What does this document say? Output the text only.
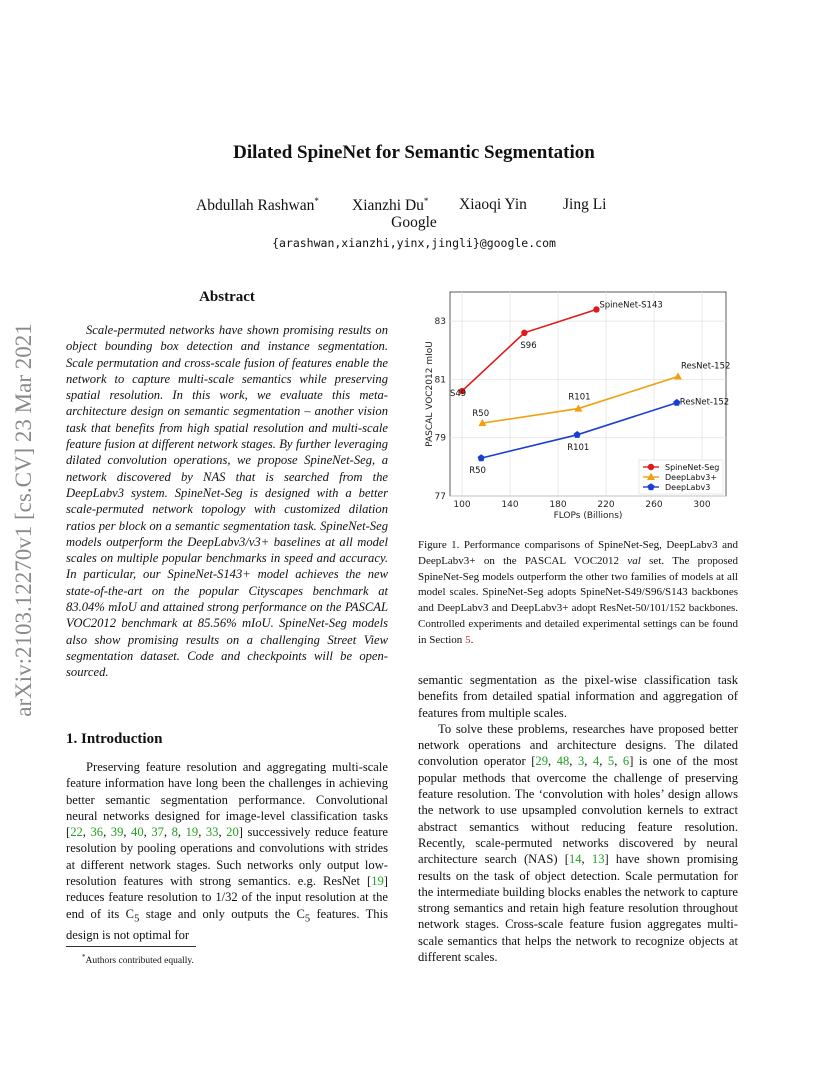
Dilated SpineNet for Semantic Segmentation
Abdullah Rashwan* Xianzhi Du* Xiaoqi Yin Jing Li
Google
{arashwan,xianzhi,yinx,jingli}@google.com
arXiv:2103.12270v1 [cs.CV] 23 Mar 2021
Abstract

Scale-permuted networks have shown promising results on object bounding box detection and instance segmentation. Scale permutation and cross-scale fusion of features enable the network to capture multi-scale semantics while preserving spatial resolution. In this work, we evaluate this meta-architecture design on semantic segmentation – another vision task that benefits from high spatial resolution and multi-scale feature fusion at different network stages. By further leveraging dilated convolution operations, we propose SpineNet-Seg, a network discovered by NAS that is searched from the DeepLabv3 system. SpineNet-Seg is designed with a better scale-permuted network topology with customized dilation ratios per block on a semantic segmentation task. SpineNet-Seg models outperform the DeepLabv3/v3+ baselines at all model scales on multiple popular benchmarks in speed and accuracy. In particular, our SpineNet-S143+ model achieves the new state-of-the-art on the popular Cityscapes benchmark at 83.04% mIoU and attained strong performance on the PASCAL VOC2012 benchmark at 85.56% mIoU. SpineNet-Seg models also show promising results on a challenging Street View segmentation dataset. Code and checkpoints will be open-sourced.

1. Introduction

Preserving feature resolution and aggregating multi-scale feature information have long been the challenges in achieving better semantic segmentation performance. Convolutional neural networks designed for image-level classification tasks [22, 36, 39, 40, 37, 8, 19, 33, 20] successively reduce feature resolution by pooling operations and convolutions with strides at different network stages. Such networks only output low-resolution features with strong semantics. e.g. ResNet [19] reduces feature resolution to 1/32 of the input resolution at the end of its $C_5$ stage and only outputs the $C_5$ features. This design is not optimal for

*Authors contributed equally.
100	140	180	220	260	300
77
79
81
83
FLOPs (Billions)
PASCAL VOC2012 mIoU S49
S96
SpineNet-S143
R50
R101
ResNet-152
R50
R101
ResNet-152
SpineNet-Seg
DeepLabv3+
DeepLabv3
Figure 1. Performance comparisons of SpineNet-Seg, DeepLabv3 and DeepLabv3+ on the PASCAL VOC2012 val set. The proposed SpineNet-Seg models outperform the other two families of models at all model scales. SpineNet-Seg adopts SpineNet-S49/S96/S143 backbones and DeepLabv3 and DeepLabv3+ adopt ResNet-50/101/152 backbones. Controlled experiments and detailed experimental settings can be found in Section 5.

semantic segmentation as the pixel-wise classification task benefits from detailed spatial information and aggregation of features from multiple scales.

To solve these problems, researches have proposed better network operations and architecture designs. The dilated convolution operator [29, 48, 3, 4, 5, 6] is one of the most popular methods that overcome the challenge of preserving feature resolution. The ‘convolution with holes’ design allows the network to use upsampled convolution kernels to extract abstract semantics without reducing feature resolution. Recently, scale-permuted networks discovered by neural architecture search (NAS) [14, 13] have shown promising results on the task of object detection. Scale permutation for the intermediate building blocks enables the network to capture strong semantics and retain high feature resolution throughout network stages. Cross-scale feature fusion aggregates multi-scale semantics that helps the network to recognize objects at different scales.
